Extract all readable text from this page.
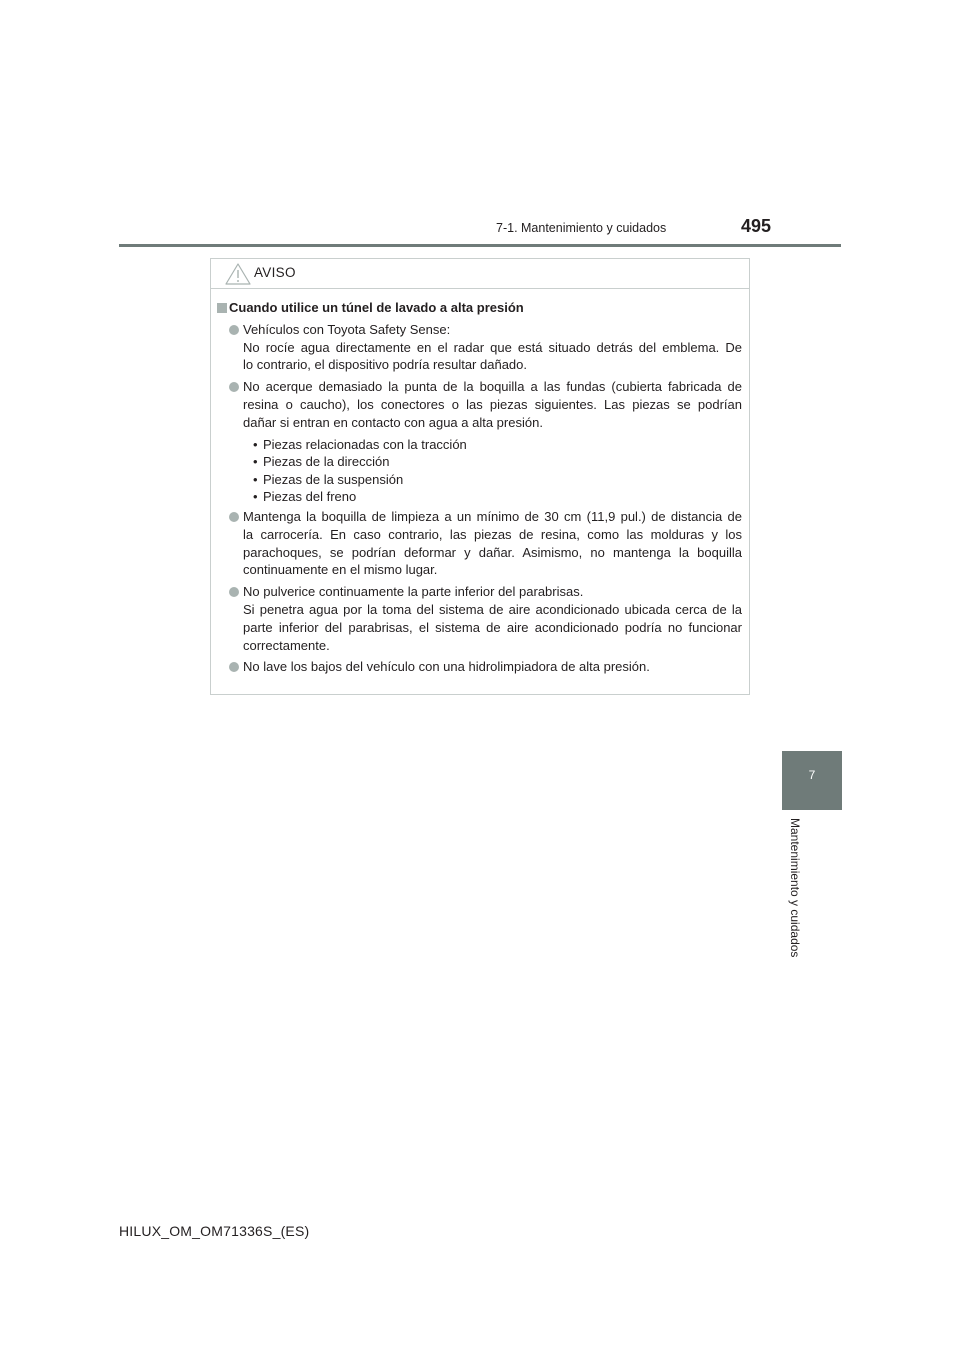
7-1. Mantenimiento y cuidados	495
7
Mantenimiento y cuidados
AVISO
Cuando utilice un túnel de lavado a alta presión
Vehículos con Toyota Safety Sense:
No rocíe agua directamente en el radar que está situado detrás del emblema. De
lo contrario, el dispositivo podría resultar dañado.
No acerque demasiado la punta de la boquilla a las fundas (cubierta fabricada de
resina o caucho), los conectores o las piezas siguientes. Las piezas se podrían
dañar si entran en contacto con agua a alta presión.
• Piezas relacionadas con la tracción
• Piezas de la dirección
• Piezas de la suspensión
• Piezas del freno
Mantenga la boquilla de limpieza a un mínimo de 30 cm (11,9 pul.) de distancia de
la carrocería. En caso contrario, las piezas de resina, como las molduras y los
parachoques, se podrían deformar y dañar. Asimismo, no mantenga la boquilla
continuamente en el mismo lugar.
No pulverice continuamente la parte inferior del parabrisas.
Si penetra agua por la toma del sistema de aire acondicionado ubicada cerca de la
parte inferior del parabrisas, el sistema de aire acondicionado podría no funcionar
correctamente.
No lave los bajos del vehículo con una hidrolimpiadora de alta presión.
HILUX_OM_OM71336S_(ES)
